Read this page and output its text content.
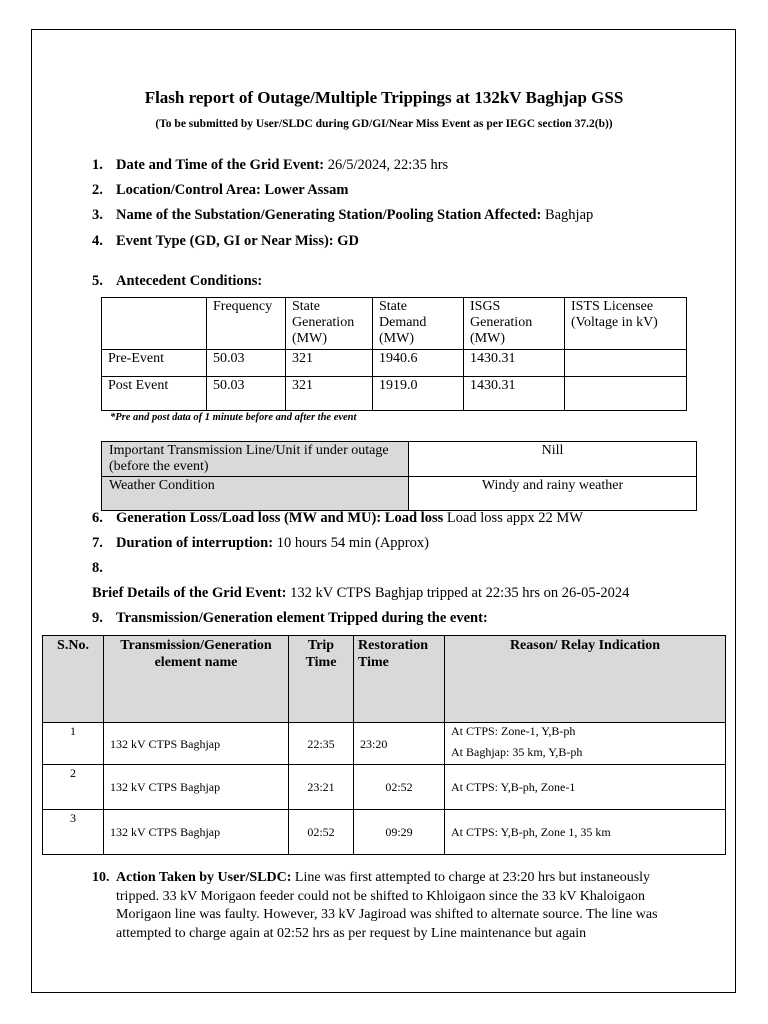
Flash report of Outage/Multiple Trippings at 132kV Baghjap GSS
(To be submitted by User/SLDC during GD/GI/Near Miss Event as per IEGC section 37.2(b))
1. Date and Time of the Grid Event: 26/5/2024, 22:35 hrs
2. Location/Control Area: Lower Assam
3. Name of the Substation/Generating Station/Pooling Station Affected: Baghjap
4. Event Type (GD, GI or Near Miss): GD
5. Antecedent Conditions:
	Frequency	State Generation (MW)	State Demand (MW)	ISGS Generation (MW)	ISTS Licensee (Voltage in kV)
Pre-Event	50.03	321	1940.6	1430.31	
Post Event	50.03	321	1919.0	1430.31	
*Pre and post data of 1 minute before and after the event
Important Transmission Line/Unit if under outage (before the event)	Nill
Weather Condition	Windy and rainy weather
6. Generation Loss/Load loss (MW and MU): Load loss Load loss appx 22 MW
7. Duration of interruption: 10 hours 54 min (Approx)
8.Brief Details of the Grid Event: 132 kV CTPS Baghjap tripped at 22:35 hrs on 26-05-2024
9. Transmission/Generation element Tripped during the event:
S.No.	Transmission/Generation element name	Trip Time	Restoration Time	Reason/ Relay Indication
1	132 kV CTPS Baghjap	22:35	23:20	At CTPS: Zone-1, Y,B-ph
At Baghjap: 35 km, Y,B-ph

2	132 kV CTPS Baghjap	23:21	02:52	At CTPS: Y,B-ph, Zone-1
3	132 kV CTPS Baghjap	02:52	09:29	At CTPS: Y,B-ph, Zone 1, 35 km
10. Action Taken by User/SLDC: Line was first attempted to charge at 23:20 hrs but instaneously tripped. 33 kV Morigaon feeder could not be shifted to Khloigaon since the 33 kV Khaloigaon Morigaon line was faulty. However, 33 kV Jagiroad was shifted to alternate source. The line was attempted to charge again at 02:52 hrs as per request by Line maintenance but again
